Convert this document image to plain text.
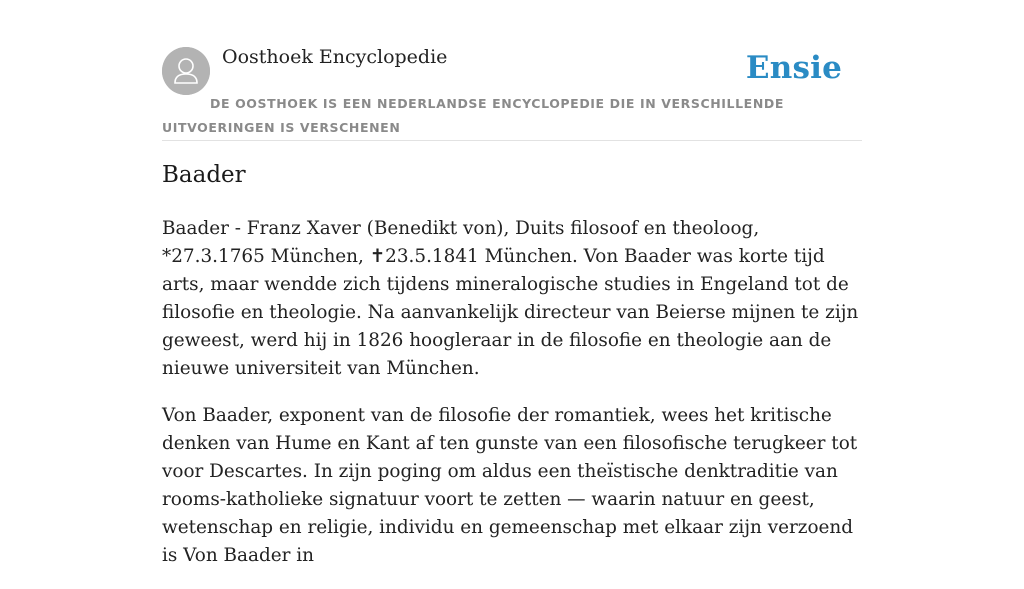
Oosthoek Encyclopedie	Ensie
DE OOSTHOEK IS EEN NEDERLANDSE ENCYCLOPEDIE DIE IN VERSCHILLENDE UITVOERINGEN IS VERSCHENEN
Baader

Baader - Franz Xaver (Benedikt von), Duits filosoof en theoloog, *27.3.1765 München, ✝23.5.1841 München. Von Baader was korte tijd arts, maar wendde zich tijdens mineralogische studies in Engeland tot de filosofie en theologie. Na aanvankelijk directeur van Beierse mijnen te zijn geweest, werd hij in 1826 hoogleraar in de filosofie en theologie aan de nieuwe universiteit van München.

Von Baader, exponent van de filosofie der romantiek, wees het kritische denken van Hume en Kant af ten gunste van een filosofische terugkeer tot voor Descartes. In zijn poging om aldus een theïstische denktraditie van rooms-katholieke signatuur voort te zetten — waarin natuur en geest, wetenschap en religie, individu en gemeenschap met elkaar zijn verzoend is Von Baader in
